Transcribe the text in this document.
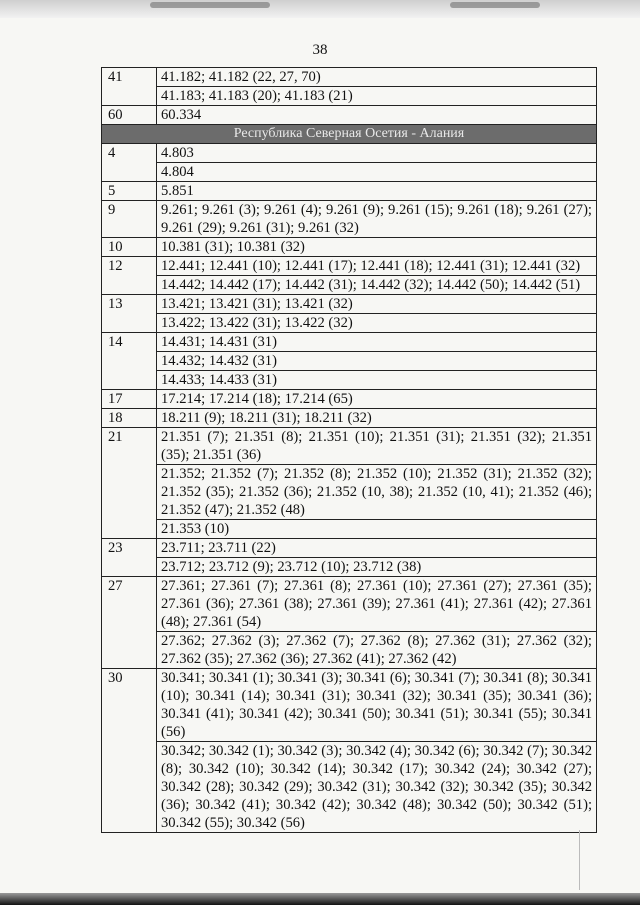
38
41	41.182; 41.182 (22, 27, 70)
	41.183; 41.183 (20); 41.183 (21)
60	60.334
Республика Северная Осетия - Алания	
4	4.803
	4.804
5	5.851
9	9.261; 9.261 (3); 9.261 (4); 9.261 (9); 9.261 (15); 9.261 (18); 9.261 (27); 9.261 (29); 9.261 (31); 9.261 (32)
10	10.381 (31); 10.381 (32)
12	12.441; 12.441 (10); 12.441 (17); 12.441 (18); 12.441 (31); 12.441 (32)
	14.442; 14.442 (17); 14.442 (31); 14.442 (32); 14.442 (50); 14.442 (51)
13	13.421; 13.421 (31); 13.421 (32)
	13.422; 13.422 (31); 13.422 (32)
14	14.431; 14.431 (31)
	14.432; 14.432 (31)
	14.433; 14.433 (31)
17	17.214; 17.214 (18); 17.214 (65)
18	18.211 (9); 18.211 (31); 18.211 (32)
21	21.351 (7); 21.351 (8); 21.351 (10); 21.351 (31); 21.351 (32); 21.351 (35); 21.351 (36)
	21.352; 21.352 (7); 21.352 (8); 21.352 (10); 21.352 (31); 21.352 (32); 21.352 (35); 21.352 (36); 21.352 (10, 38); 21.352 (10, 41); 21.352 (46); 21.352 (47); 21.352 (48)
	21.353 (10)
23	23.711; 23.711 (22)
	23.712; 23.712 (9); 23.712 (10); 23.712 (38)
27	27.361; 27.361 (7); 27.361 (8); 27.361 (10); 27.361 (27); 27.361 (35); 27.361 (36); 27.361 (38); 27.361 (39); 27.361 (41); 27.361 (42); 27.361 (48); 27.361 (54)
	27.362; 27.362 (3); 27.362 (7); 27.362 (8); 27.362 (31); 27.362 (32); 27.362 (35); 27.362 (36); 27.362 (41); 27.362 (42)
30	30.341; 30.341 (1); 30.341 (3); 30.341 (6); 30.341 (7); 30.341 (8); 30.341 (10); 30.341 (14); 30.341 (31); 30.341 (32); 30.341 (35); 30.341 (36); 30.341 (41); 30.341 (42); 30.341 (50); 30.341 (51); 30.341 (55); 30.341 (56)
	30.342; 30.342 (1); 30.342 (3); 30.342 (4); 30.342 (6); 30.342 (7); 30.342 (8); 30.342 (10); 30.342 (14); 30.342 (17); 30.342 (24); 30.342 (27); 30.342 (28); 30.342 (29); 30.342 (31); 30.342 (32); 30.342 (35); 30.342 (36); 30.342 (41); 30.342 (42); 30.342 (48); 30.342 (50); 30.342 (51); 30.342 (55); 30.342 (56)
